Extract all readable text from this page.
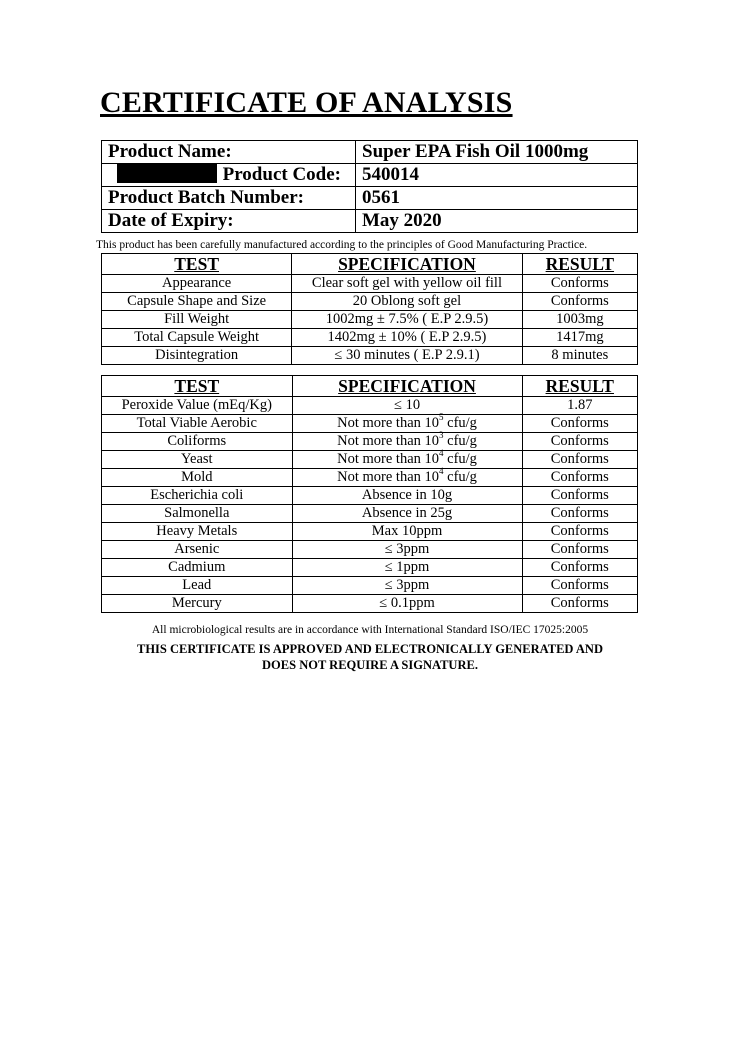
CERTIFICATE OF ANALYSIS
Product Name:	Super EPA Fish Oil 1000mg
Product Code:	540014
Product Batch Number:	0561
Date of Expiry:	May 2020
This product has been carefully manufactured according to the principles of Good Manufacturing Practice.
TEST	SPECIFICATION	RESULT
Appearance	Clear soft gel with yellow oil fill	Conforms
Capsule Shape and Size	20 Oblong soft gel	Conforms
Fill Weight	1002mg ± 7.5% ( E.P 2.9.5)	1003mg
Total Capsule Weight	1402mg ± 10% ( E.P 2.9.5)	1417mg
Disintegration	≤ 30 minutes ( E.P 2.9.1)	8 minutes
TEST	SPECIFICATION	RESULT
Peroxide Value (mEq/Kg)	≤ 10	1.87
Total Viable Aerobic	Not more than $10^5$ cfu/g	Conforms
Coliforms	Not more than $10^3$ cfu/g	Conforms
Yeast	Not more than $10^4$ cfu/g	Conforms
Mold	Not more than $10^4$ cfu/g	Conforms
Escherichia coli	Absence in 10g	Conforms
Salmonella	Absence in 25g	Conforms
Heavy Metals	Max 10ppm	Conforms
Arsenic	≤ 3ppm	Conforms
Cadmium	≤ 1ppm	Conforms
Lead	≤ 3ppm	Conforms
Mercury	≤ 0.1ppm	Conforms
All microbiological results are in accordance with International Standard ISO/IEC 17025:2005
THIS CERTIFICATE IS APPROVED AND ELECTRONICALLY GENERATED AND
DOES NOT REQUIRE A SIGNATURE.
